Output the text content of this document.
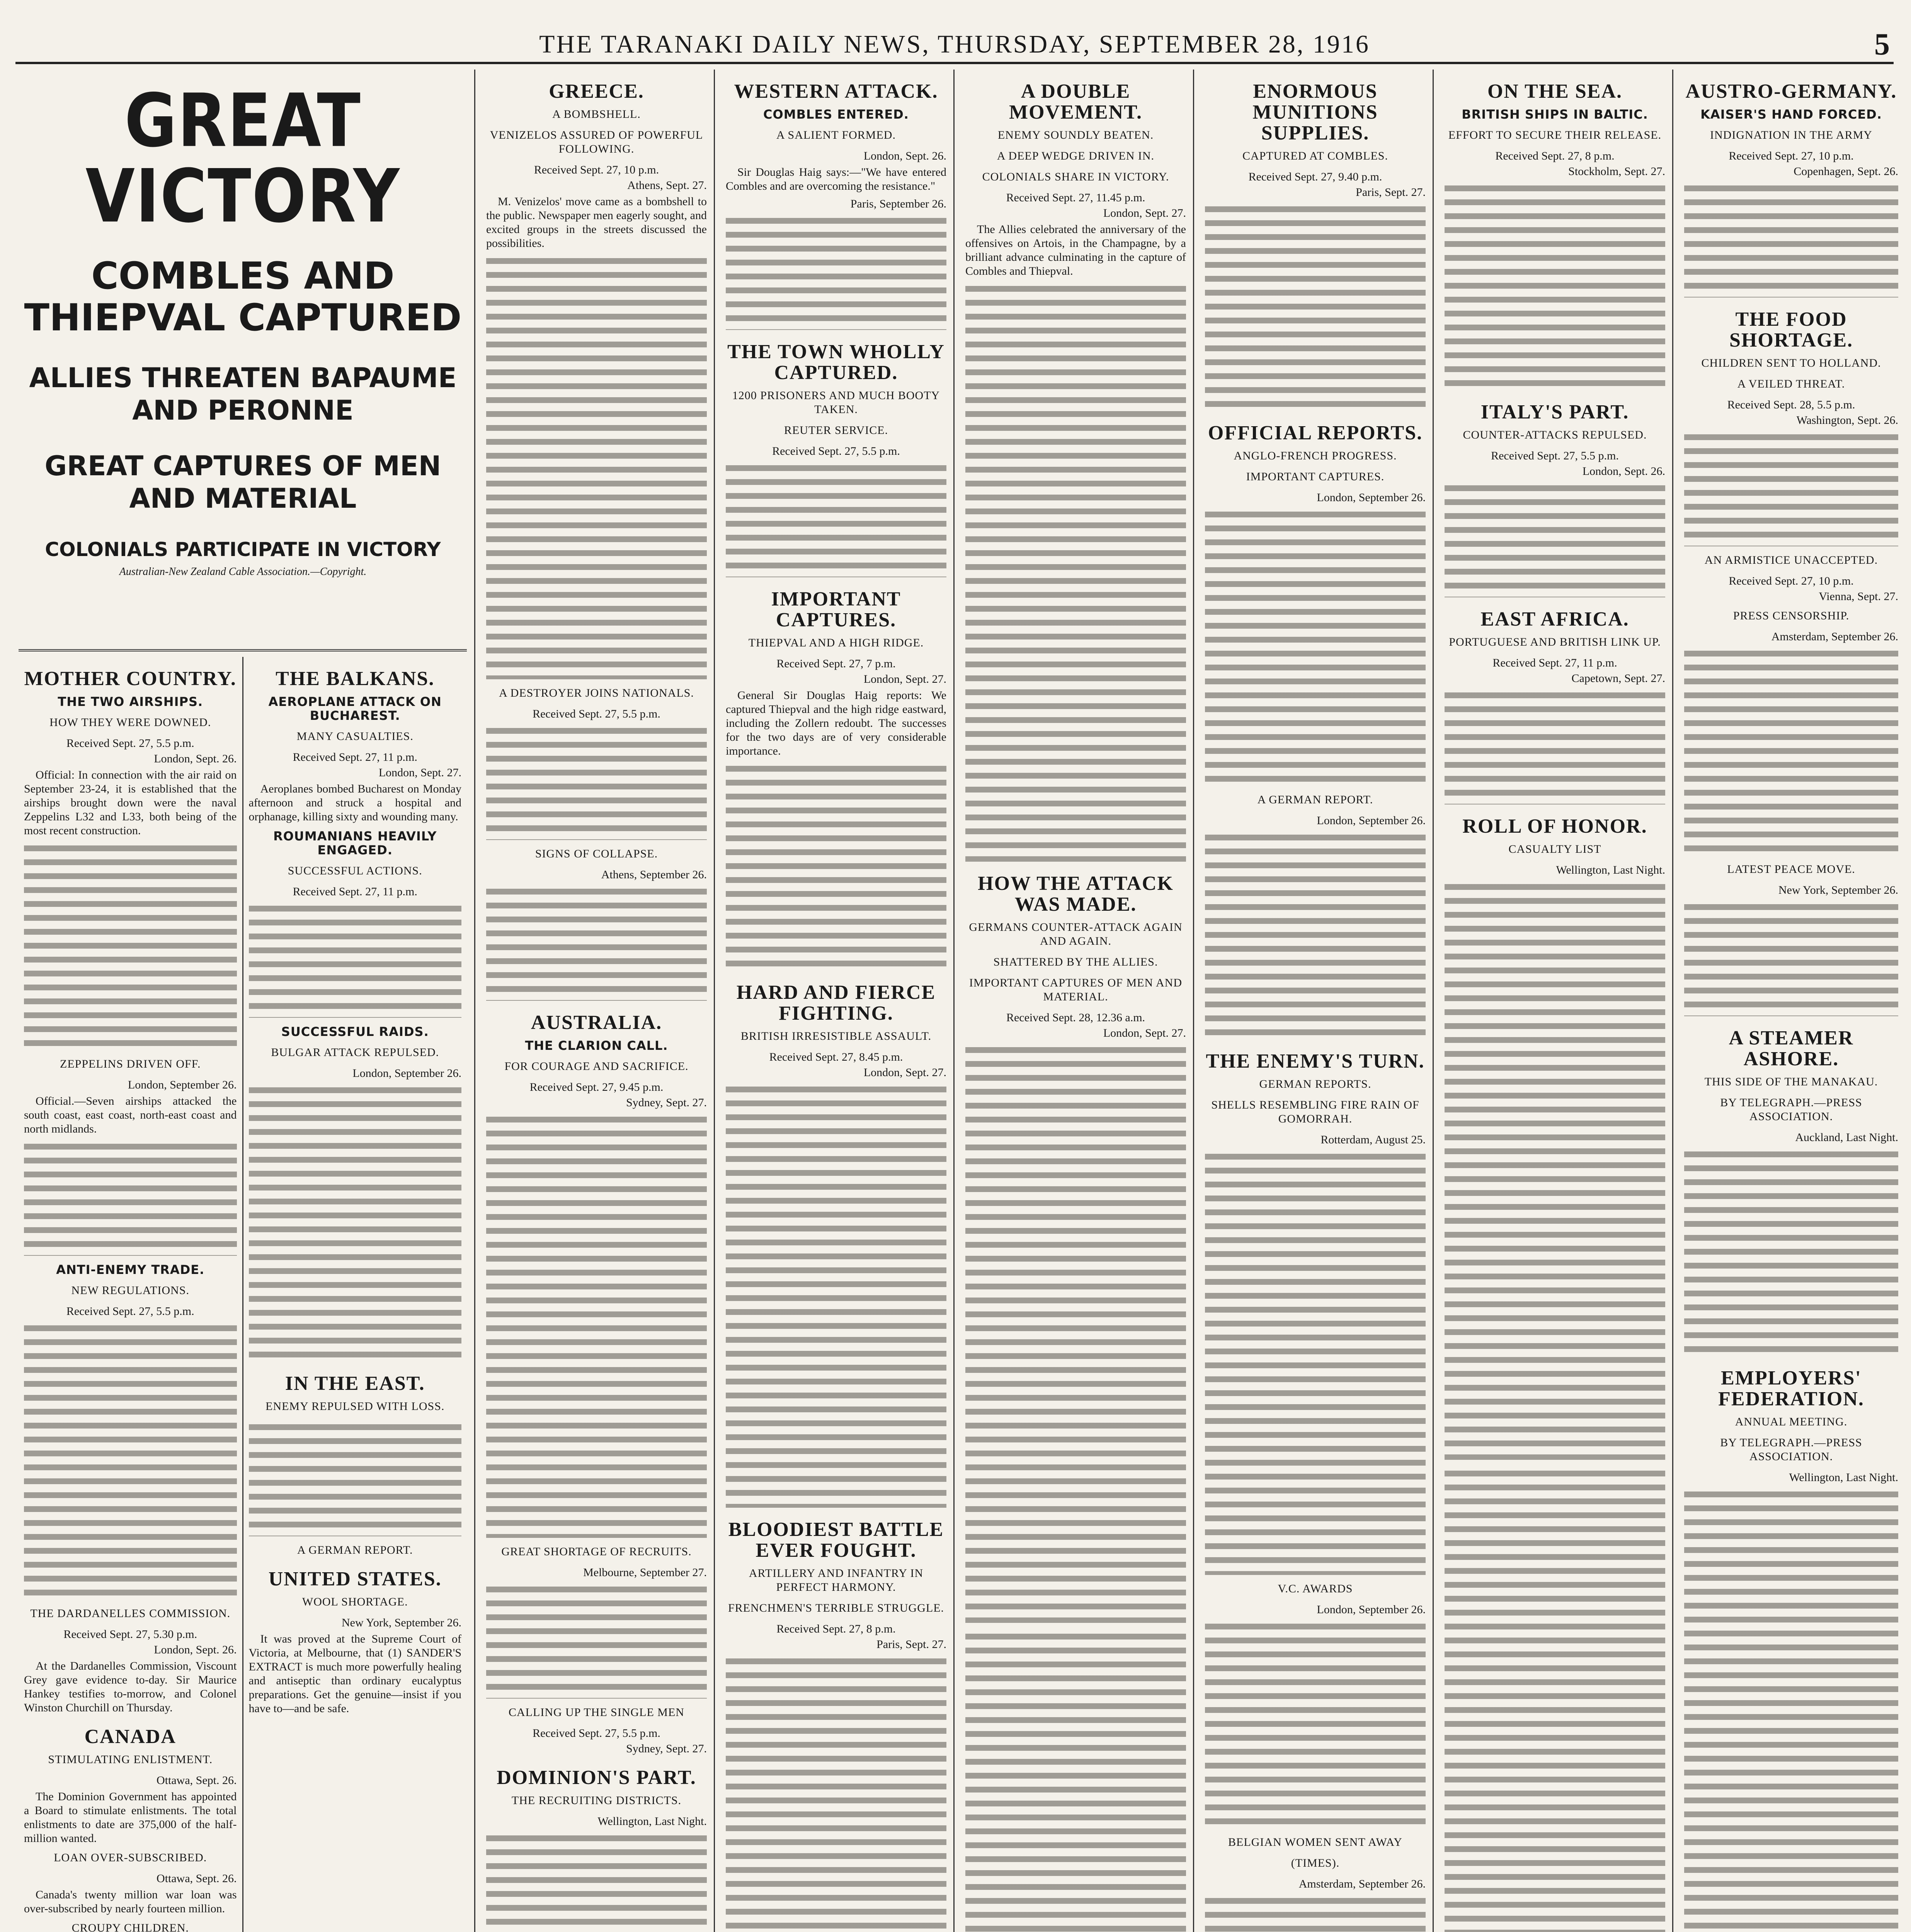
THE TARANAKI DAILY NEWS, THURSDAY, SEPTEMBER 28, 1916	5
GREAT VICTORY
COMBLES AND THIEPVAL CAPTURED
ALLIES THREATEN BAPAUME AND PERONNE
GREAT CAPTURES OF MEN AND MATERIAL
COLONIALS PARTICIPATE IN VICTORY
Australian-New Zealand Cable Association.—Copyright.
MOTHER COUNTRY.
THE TWO AIRSHIPS.
HOW THEY WERE DOWNED.
Received Sept. 27, 5.5 p.m.
London, Sept. 26.

Official: In connection with the air raid on September 23-24, it is established that the airships brought down were the naval Zeppelins L32 and L33, both being of the most recent construction.

ZEPPELINS DRIVEN OFF.
London, September 26.

Official.—Seven airships attacked the south coast, east coast, north-east coast and north midlands.

ANTI-ENEMY TRADE.
NEW REGULATIONS.
Received Sept. 27, 5.5 p.m.
THE DARDANELLES COMMISSION.
Received Sept. 27, 5.30 p.m.
London, Sept. 26.

At the Dardanelles Commission, Viscount Grey gave evidence to-day. Sir Maurice Hankey testifies to-morrow, and Colonel Winston Churchill on Thursday.

CANADA
STIMULATING ENLISTMENT.
Ottawa, Sept. 26.

The Dominion Government has appointed a Board to stimulate enlistments. The total enlistments to date are 375,000 of the half-million wanted.

LOAN OVER-SUBSCRIBED.
Ottawa, Sept. 26.

Canada's twenty million war loan was over-subscribed by nearly fourteen million.

CROUPY CHILDREN.

THE BALKANS.
AEROPLANE ATTACK ON BUCHAREST.
MANY CASUALTIES.
Received Sept. 27, 11 p.m.
London, Sept. 27.

Aeroplanes bombed Bucharest on Monday afternoon and struck a hospital and orphanage, killing sixty and wounding many.

ROUMANIANS HEAVILY ENGAGED.
SUCCESSFUL ACTIONS.
Received Sept. 27, 11 p.m.
SUCCESSFUL RAIDS.
BULGAR ATTACK REPULSED.
London, September 26.
IN THE EAST.
ENEMY REPULSED WITH LOSS.
A GERMAN REPORT.
UNITED STATES.
WOOL SHORTAGE.
New York, September 26.

It was proved at the Supreme Court of Victoria, at Melbourne, that (1) SANDER'S EXTRACT is much more powerfully healing and antiseptic than ordinary eucalyptus preparations. Get the genuine—insist if you have to—and be safe.

GREECE.
A BOMBSHELL.
VENIZELOS ASSURED OF POWERFUL FOLLOWING.
Received Sept. 27, 10 p.m.
Athens, Sept. 27.

M. Venizelos' move came as a bombshell to the public. Newspaper men eagerly sought, and excited groups in the streets discussed the possibilities.

A DESTROYER JOINS NATIONALS.
Received Sept. 27, 5.5 p.m.
SIGNS OF COLLAPSE.
Athens, September 26.
AUSTRALIA.
THE CLARION CALL.
FOR COURAGE AND SACRIFICE.
Received Sept. 27, 9.45 p.m.
Sydney, Sept. 27.
GREAT SHORTAGE OF RECRUITS.
Melbourne, September 27.
CALLING UP THE SINGLE MEN
Received Sept. 27, 5.5 p.m.
Sydney, Sept. 27.
DOMINION'S PART.
THE RECRUITING DISTRICTS.
Wellington, Last Night.

WESTERN ATTACK.
COMBLES ENTERED.
A SALIENT FORMED.
London, Sept. 26.

Sir Douglas Haig says:—"We have entered Combles and are overcoming the resistance."

Paris, September 26.
THE TOWN WHOLLY CAPTURED.
1200 PRISONERS AND MUCH BOOTY TAKEN.
REUTER SERVICE.
Received Sept. 27, 5.5 p.m.
IMPORTANT CAPTURES.
THIEPVAL AND A HIGH RIDGE.
Received Sept. 27, 7 p.m.
London, Sept. 27.

General Sir Douglas Haig reports: We captured Thiepval and the high ridge eastward, including the Zollern redoubt. The successes for the two days are of very considerable importance.

HARD AND FIERCE FIGHTING.
BRITISH IRRESISTIBLE ASSAULT.
Received Sept. 27, 8.45 p.m.
London, Sept. 27.
BLOODIEST BATTLE EVER FOUGHT.
ARTILLERY AND INFANTRY IN PERFECT HARMONY.
FRENCHMEN'S TERRIBLE STRUGGLE.
Received Sept. 27, 8 p.m.
Paris, Sept. 27.
A DOUBLE MOVEMENT.
ENEMY SOUNDLY BEATEN.
A DEEP WEDGE DRIVEN IN.
COLONIALS SHARE IN VICTORY.
Received Sept. 27, 11.45 p.m.
London, Sept. 27.

The Allies celebrated the anniversary of the offensives on Artois, in the Champagne, by a brilliant advance culminating in the capture of Combles and Thiepval.

HOW THE ATTACK WAS MADE.
GERMANS COUNTER-ATTACK AGAIN AND AGAIN.
SHATTERED BY THE ALLIES.
IMPORTANT CAPTURES OF MEN AND MATERIAL.
Received Sept. 28, 12.36 a.m.
London, Sept. 27.

ENORMOUS MUNITIONS SUPPLIES.
CAPTURED AT COMBLES.
Received Sept. 27, 9.40 p.m.
Paris, Sept. 27.
OFFICIAL REPORTS.
ANGLO-FRENCH PROGRESS.
IMPORTANT CAPTURES.
London, September 26.
A GERMAN REPORT.
London, September 26.
THE ENEMY'S TURN.
GERMAN REPORTS.
SHELLS RESEMBLING FIRE RAIN OF GOMORRAH.
Rotterdam, August 25.
V.C. AWARDS
London, September 26.
BELGIAN WOMEN SENT AWAY
(TIMES).
Amsterdam, September 26.
ON THE SEA.
BRITISH SHIPS IN BALTIC.
EFFORT TO SECURE THEIR RELEASE.
Received Sept. 27, 8 p.m.
Stockholm, Sept. 27.
ITALY'S PART.
COUNTER-ATTACKS REPULSED.
Received Sept. 27, 5.5 p.m.
London, Sept. 26.
EAST AFRICA.
PORTUGUESE AND BRITISH LINK UP.
Received Sept. 27, 11 p.m.
Capetown, Sept. 27.
ROLL OF HONOR.
CASUALTY LIST
Wellington, Last Night.
AUSTRO-GERMANY.
KAISER'S HAND FORCED.
INDIGNATION IN THE ARMY
Received Sept. 27, 10 p.m.
Copenhagen, Sept. 26.
THE FOOD SHORTAGE.
CHILDREN SENT TO HOLLAND.
A VEILED THREAT.
Received Sept. 28, 5.5 p.m.
Washington, Sept. 26.
AN ARMISTICE UNACCEPTED.
Received Sept. 27, 10 p.m.
Vienna, Sept. 27.
PRESS CENSORSHIP.
Amsterdam, September 26.
LATEST PEACE MOVE.
New York, September 26.
A STEAMER ASHORE.
THIS SIDE OF THE MANAKAU.
BY TELEGRAPH.—PRESS ASSOCIATION.
Auckland, Last Night.
EMPLOYERS' FEDERATION.
ANNUAL MEETING.
BY TELEGRAPH.—PRESS ASSOCIATION.
Wellington, Last Night.
